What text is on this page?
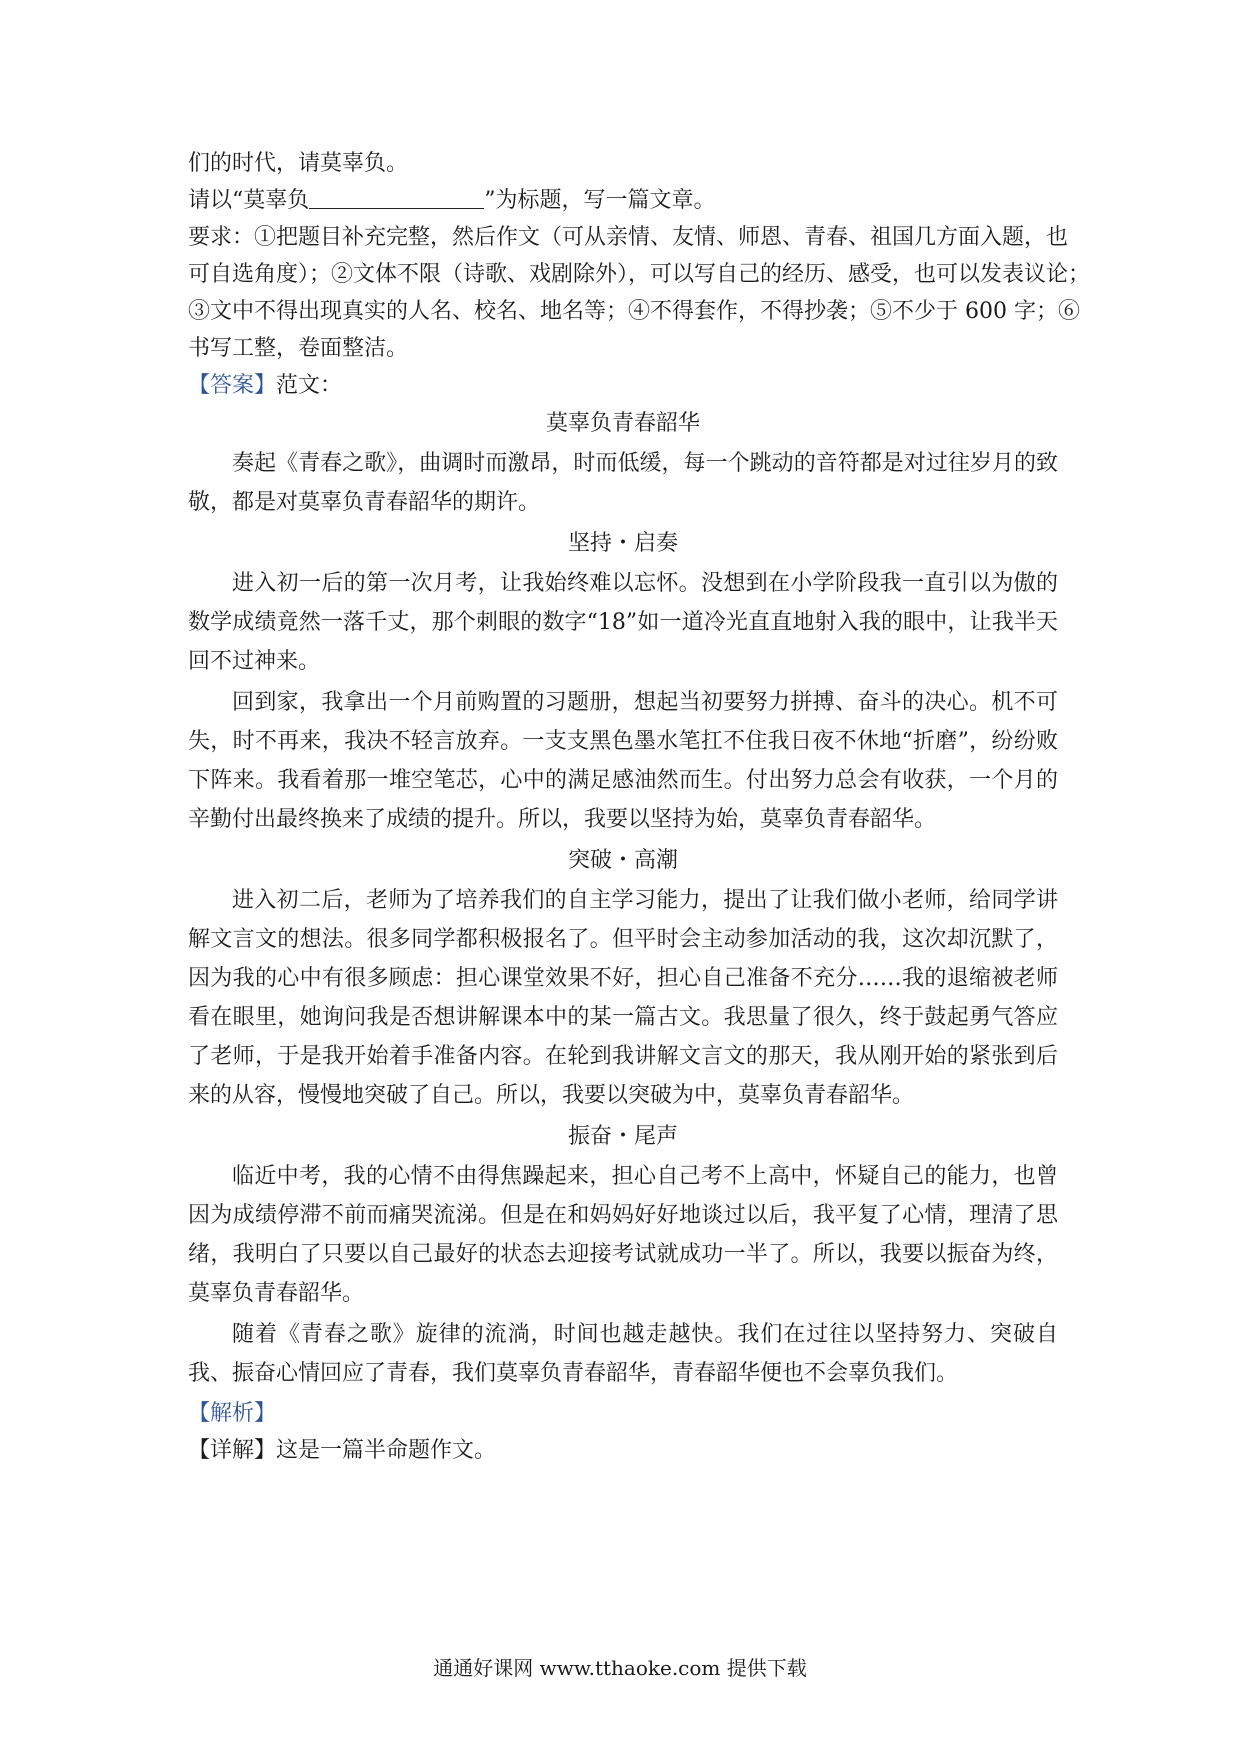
们的时代，请莫辜负。

请以“莫辜负	”为标题，写一篇文章。

要求：①把题目补充完整，然后作文（可从亲情、友情、师恩、青春、祖国几方面入题，也

可自选角度）；②文体不限（诗歌、戏剧除外），可以写自己的经历、感受，也可以发表议论；

③文中不得出现真实的人名、校名、地名等；④不得套作，不得抄袭；⑤不少于 600 字；⑥

书写工整，卷面整洁。

【答案】范文：

莫辜负青春韶华

奏起《青春之歌》，曲调时而激昂，时而低缓，每一个跳动的音符都是对过往岁月的致敬，都是对莫辜负青春韶华的期许。

坚持・启奏

进入初一后的第一次月考，让我始终难以忘怀。没想到在小学阶段我一直引以为傲的数学成绩竟然一落千丈，那个刺眼的数字“18”如一道冷光直直地射入我的眼中，让我半天回不过神来。

回到家，我拿出一个月前购置的习题册，想起当初要努力拼搏、奋斗的决心。机不可失，时不再来，我决不轻言放弃。一支支黑色墨水笔扛不住我日夜不休地“折磨”，纷纷败下阵来。我看着那一堆空笔芯，心中的满足感油然而生。付出努力总会有收获，一个月的辛勤付出最终换来了成绩的提升。所以，我要以坚持为始，莫辜负青春韶华。

突破・高潮

进入初二后，老师为了培养我们的自主学习能力，提出了让我们做小老师，给同学讲解文言文的想法。很多同学都积极报名了。但平时会主动参加活动的我，这次却沉默了，因为我的心中有很多顾虑：担心课堂效果不好，担心自己准备不充分……我的退缩被老师看在眼里，她询问我是否想讲解课本中的某一篇古文。我思量了很久，终于鼓起勇气答应了老师，于是我开始着手准备内容。在轮到我讲解文言文的那天，我从刚开始的紧张到后来的从容，慢慢地突破了自己。所以，我要以突破为中，莫辜负青春韶华。

振奋・尾声

临近中考，我的心情不由得焦躁起来，担心自己考不上高中，怀疑自己的能力，也曾因为成绩停滞不前而痛哭流涕。但是在和妈妈好好地谈过以后，我平复了心情，理清了思绪，我明白了只要以自己最好的状态去迎接考试就成功一半了。所以，我要以振奋为终，莫辜负青春韶华。

随着《青春之歌》旋律的流淌，时间也越走越快。我们在过往以坚持努力、突破自我、振奋心情回应了青春，我们莫辜负青春韶华，青春韶华便也不会辜负我们。

【解析】

【详解】这是一篇半命题作文。

通通好课网 www.tthaoke.com 提供下载
